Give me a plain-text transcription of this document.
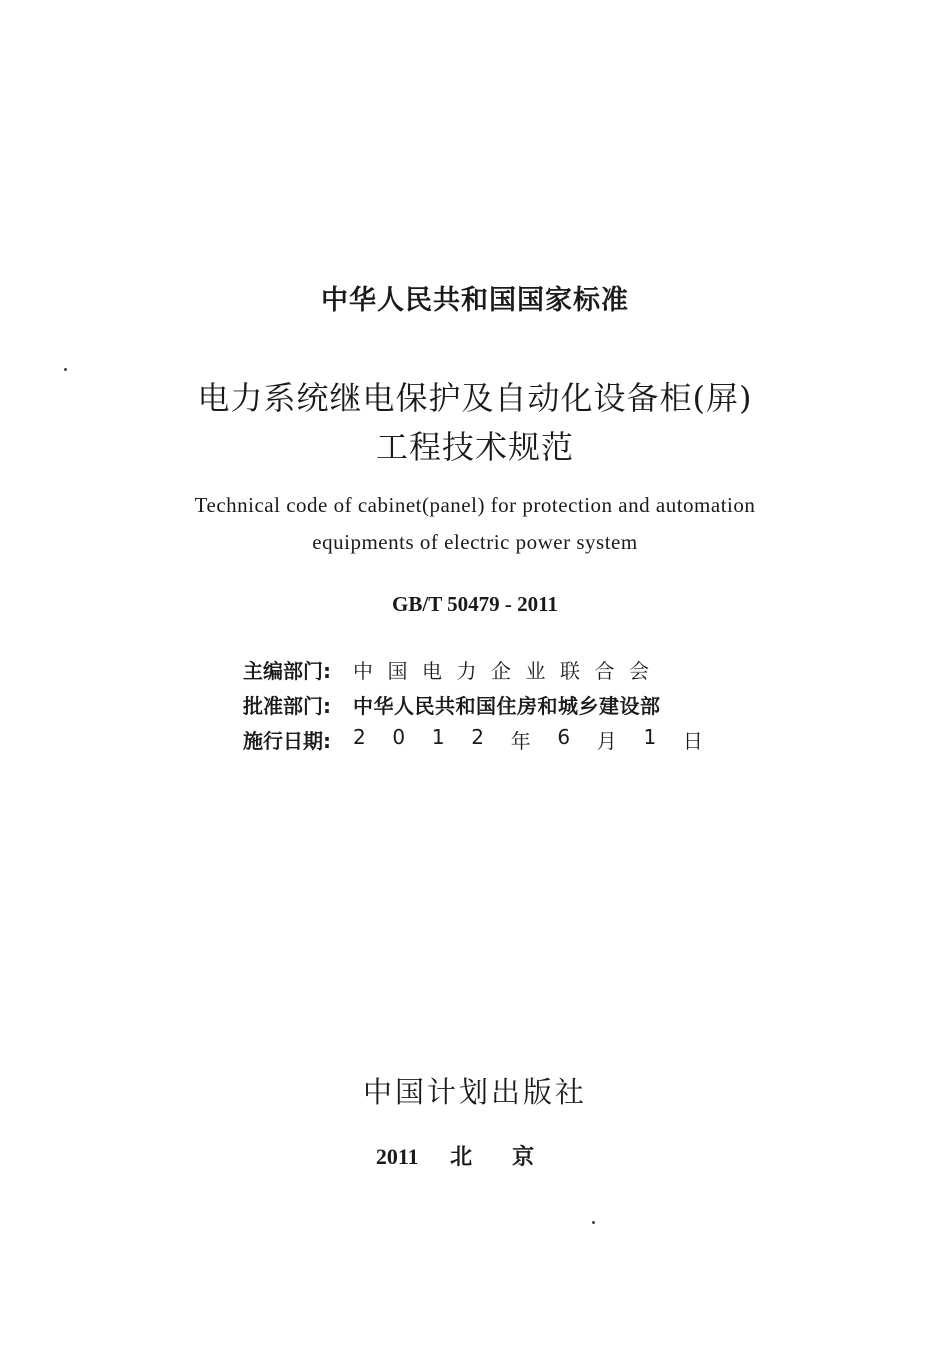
中华人民共和国国家标准
电力系统继电保护及自动化设备柜(屏)
工程技术规范
Technical code of cabinet(panel) for protection and automation
equipments of electric power system
GB/T 50479 - 2011
主编部门:	中国电力企业联合会
批准部门:	中华人民共和国住房和城乡建设部
施行日期:	2 0 1 2 年 6 月 1 日
中国计划出版社
2011 北京
